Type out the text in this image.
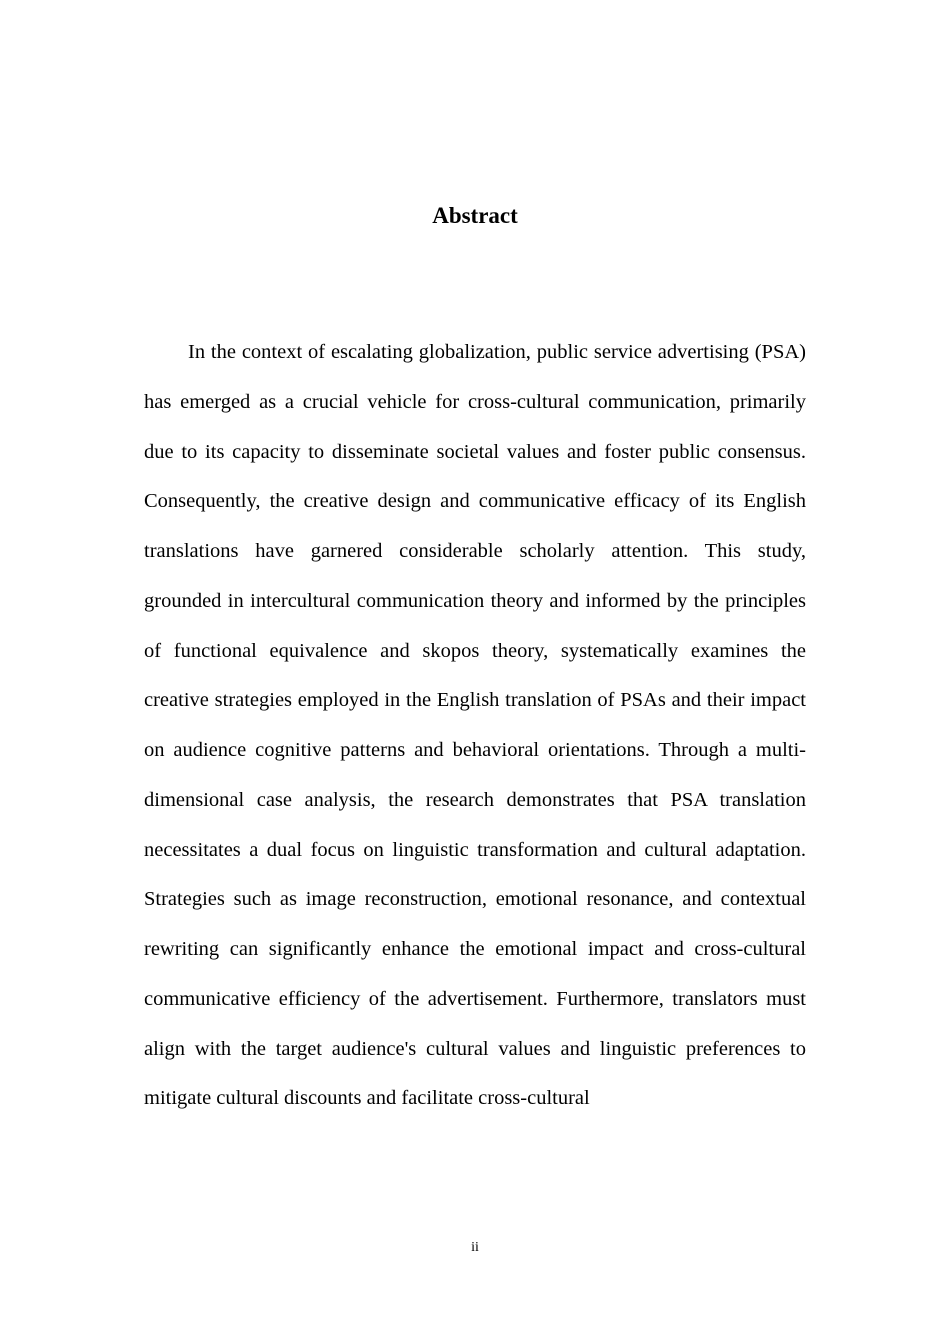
Abstract

In the context of escalating globalization, public service advertising (PSA) has emerged as a crucial vehicle for cross-cultural communication, primarily due to its capacity to disseminate societal values and foster public consensus. Consequently, the creative design and communicative efficacy of its English translations have garnered considerable scholarly attention. This study, grounded in intercultural communication theory and informed by the principles of functional equivalence and skopos theory, systematically examines the creative strategies employed in the English translation of PSAs and their impact on audience cognitive patterns and behavioral orientations. Through a multi-dimensional case analysis, the research demonstrates that PSA translation necessitates a dual focus on linguistic transformation and cultural adaptation. Strategies such as image reconstruction, emotional resonance, and contextual rewriting can significantly enhance the emotional impact and cross-cultural communicative efficiency of the advertisement. Furthermore, translators must align with the target audience's cultural values and linguistic preferences to mitigate cultural discounts and facilitate cross-cultural

ii
